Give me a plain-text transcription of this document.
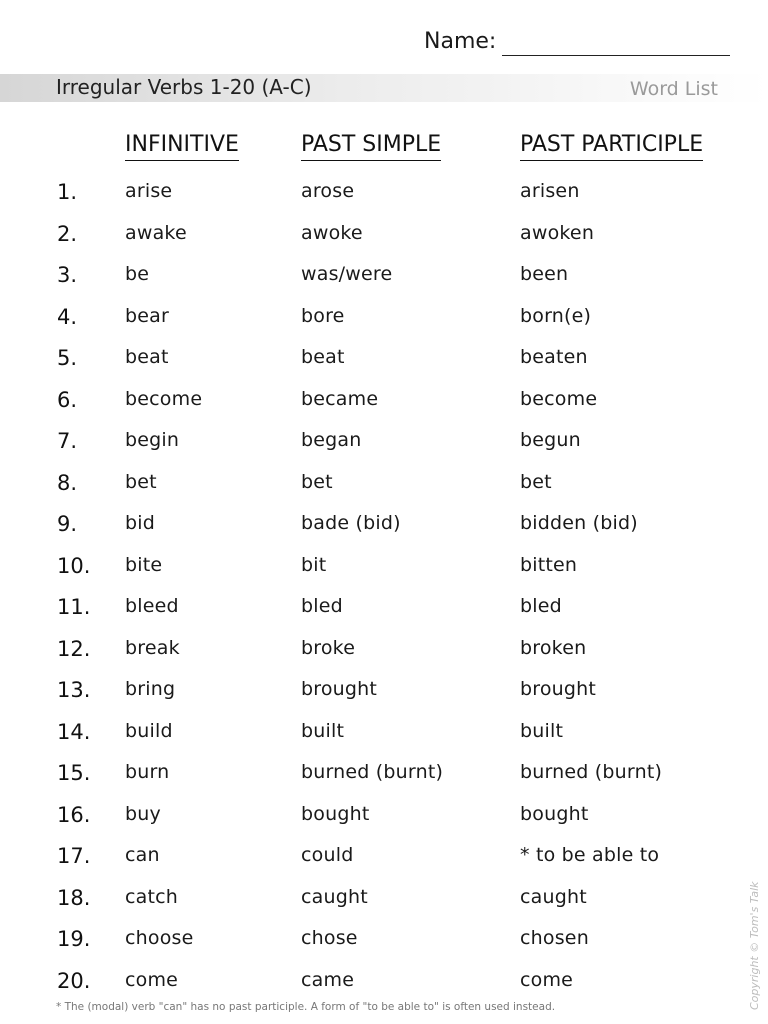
Name:
Irregular Verbs 1-20 (A-C)	Word List
INFINITIVE	PAST SIMPLE	PAST PARTICIPLE
1.	arise	arose	arisen
2.	awake	awoke	awoken
3.	be	was/were	been
4.	bear	bore	born(e)
5.	beat	beat	beaten
6.	become	became	become
7.	begin	began	begun
8.	bet	bet	bet
9.	bid	bade (bid)	bidden (bid)
10. bite	bit	bitten
11. bleed	bled	bled
12. break	broke	broken
13. bring	brought	brought
14. build	built	built
15. burn	burned (burnt)	burned (burnt)
16. buy	bought	bought
17. can	could	* to be able to
18. catch	caught	caught
19. choose	chose	chosen
20. come	came	come
* The (modal) verb "can" has no past participle. A form of "to be able to" is often used instead.	Copyright © Tom's Talk
